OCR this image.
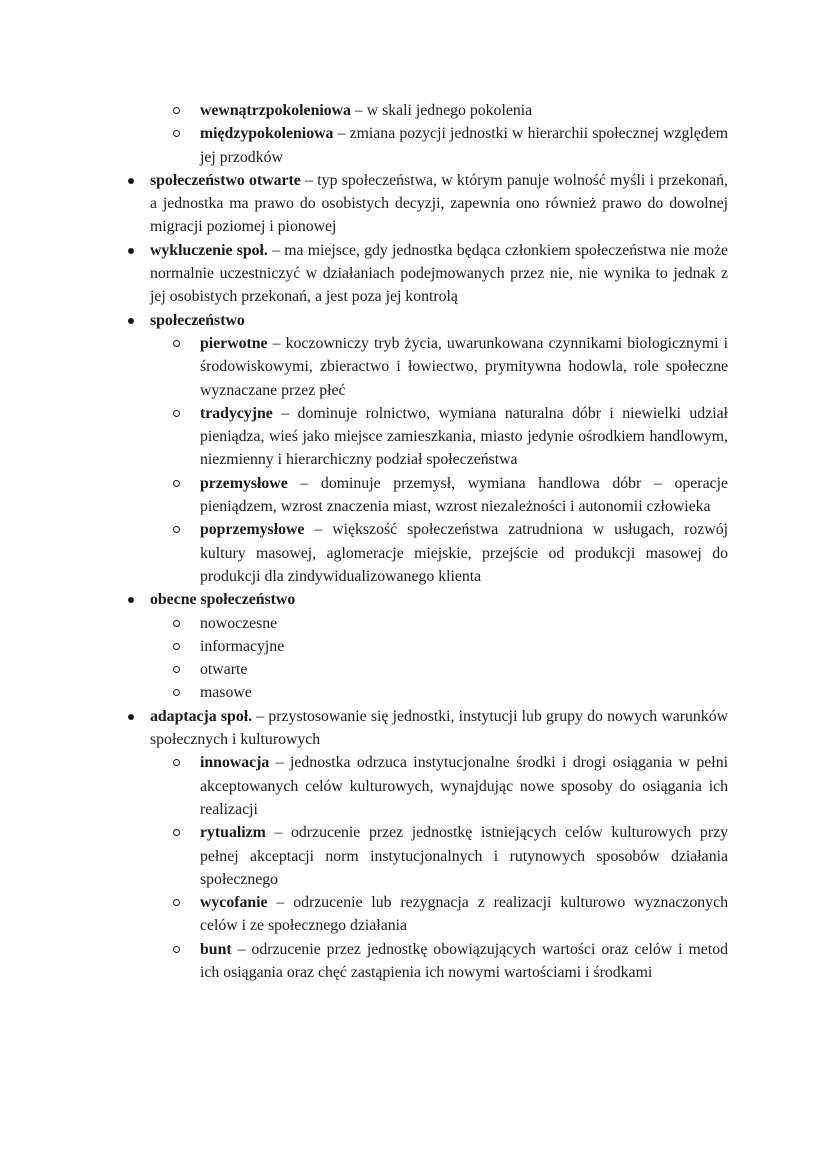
wewnątrzpokoleniowa – w skali jednego pokolenia
międzypokoleniowa – zmiana pozycji jednostki w hierarchii społecznej względem jej przodków
społeczeństwo otwarte – typ społeczeństwa, w którym panuje wolność myśli i przekonań, a jednostka ma prawo do osobistych decyzji, zapewnia ono również prawo do dowolnej migracji poziomej i pionowej
wykluczenie społ. – ma miejsce, gdy jednostka będąca członkiem społeczeństwa nie może normalnie uczestniczyć w działaniach podejmowanych przez nie, nie wynika to jednak z jej osobistych przekonań, a jest poza jej kontrolą
społeczeństwo
pierwotne – koczowniczy tryb życia, uwarunkowana czynnikami biologicznymi i środowiskowymi, zbieractwo i łowiectwo, prymitywna hodowla, role społeczne wyznaczane przez płeć
tradycyjne – dominuje rolnictwo, wymiana naturalna dóbr i niewielki udział pieniądza, wieś jako miejsce zamieszkania, miasto jedynie ośrodkiem handlowym, niezmienny i hierarchiczny podział społeczeństwa
przemysłowe – dominuje przemysł, wymiana handlowa dóbr – operacje pieniądzem, wzrost znaczenia miast, wzrost niezależności i autonomii człowieka
poprzemysłowe – większość społeczeństwa zatrudniona w usługach, rozwój kultury masowej, aglomeracje miejskie, przejście od produkcji masowej do produkcji dla zindywidualizowanego klienta
obecne społeczeństwo
nowoczesne
informacyjne
otwarte
masowe
adaptacja społ. – przystosowanie się jednostki, instytucji lub grupy do nowych warunków społecznych i kulturowych
innowacja – jednostka odrzuca instytucjonalne środki i drogi osiągania w pełni akceptowanych celów kulturowych, wynajdując nowe sposoby do osiągania ich realizacji
rytualizm – odrzucenie przez jednostkę istniejących celów kulturowych przy pełnej akceptacji norm instytucjonalnych i rutynowych sposobów działania społecznego
wycofanie – odrzucenie lub rezygnacja z realizacji kulturowo wyznaczonych celów i ze społecznego działania
bunt – odrzucenie przez jednostkę obowiązujących wartości oraz celów i metod ich osiągania oraz chęć zastąpienia ich nowymi wartościami i środkami
